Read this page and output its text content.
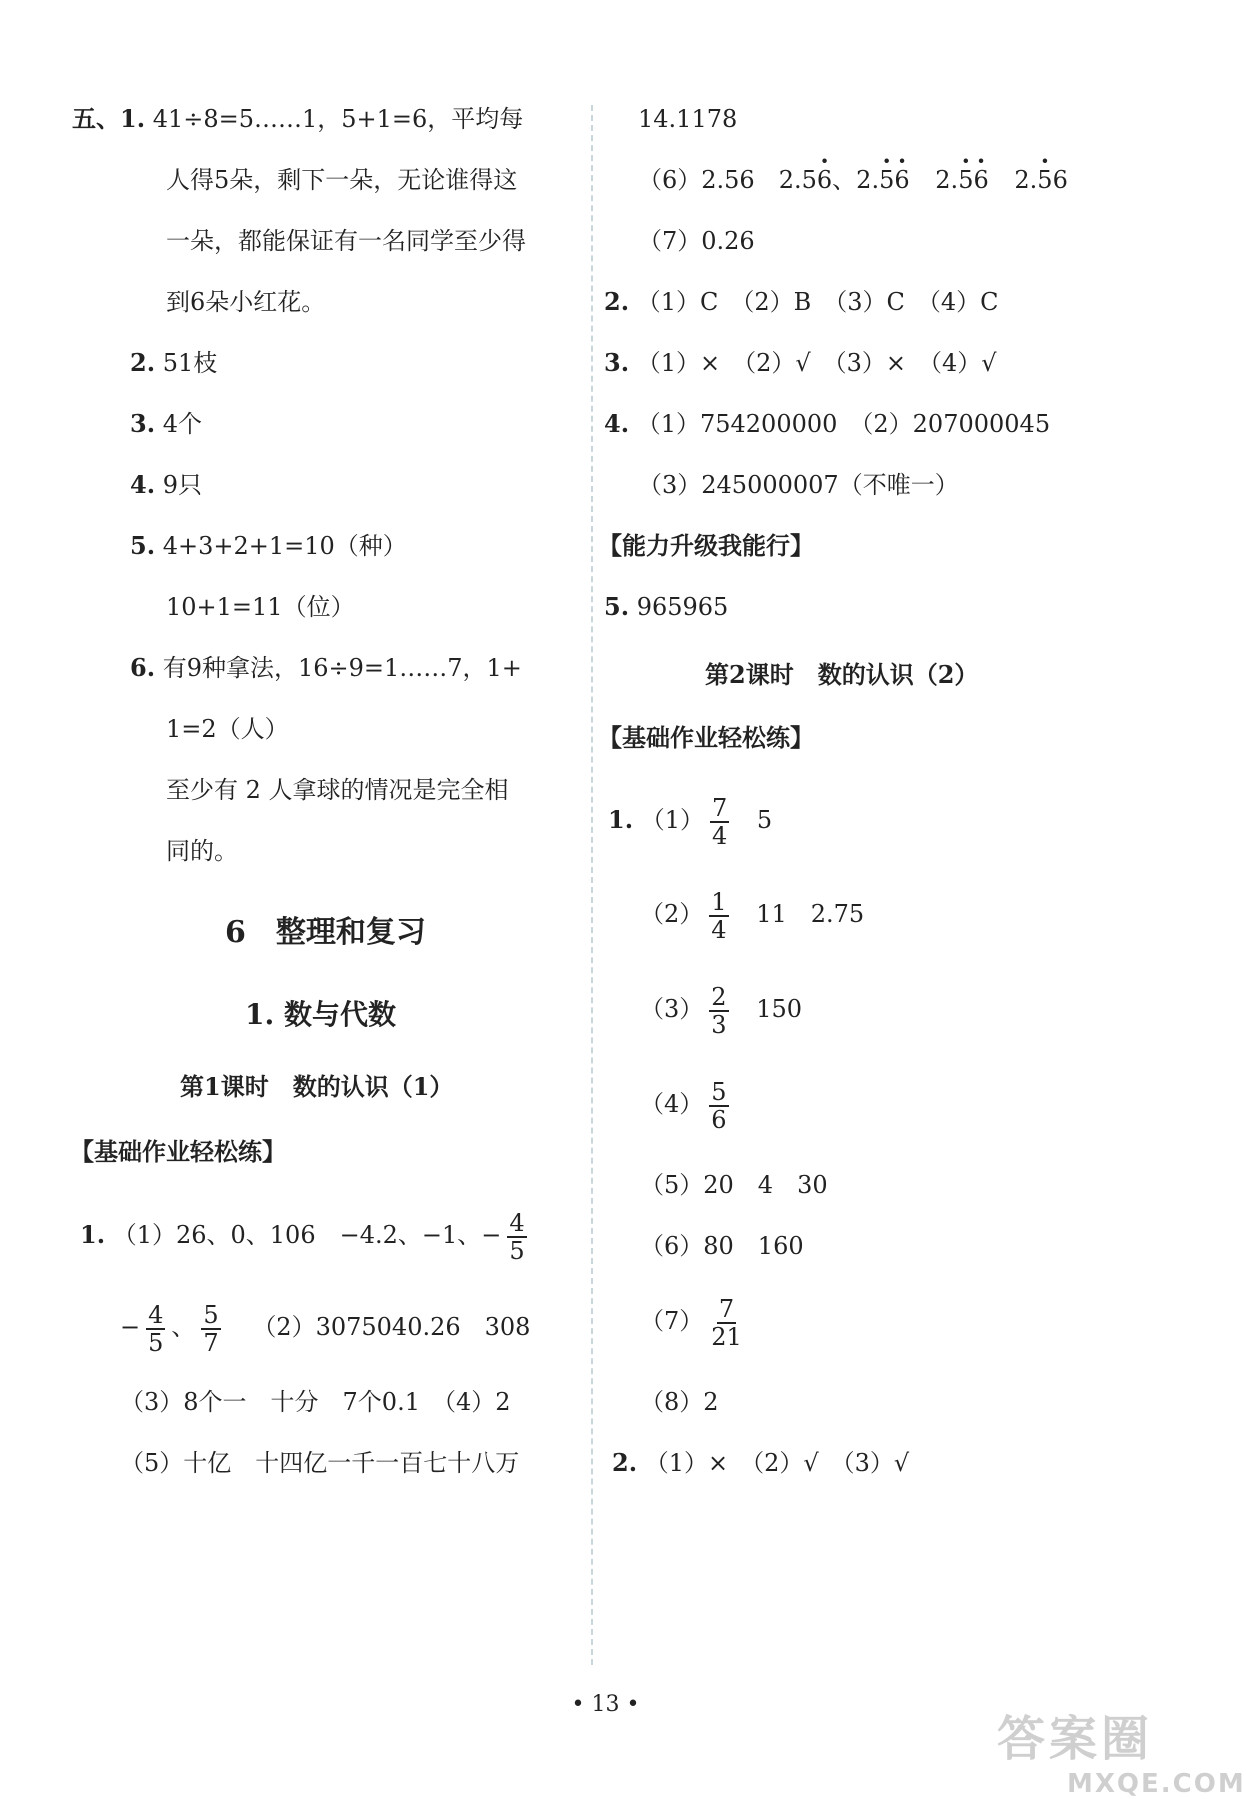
五、1. 41÷8=5……1，5+1=6，平均每
人得5朵，剩下一朵，无论谁得这
一朵，都能保证有一名同学至少得
到6朵小红花。
2. 51枝
3. 4个
4. 9只
5. 4+3+2+1=10（种）
10+1=11（位）
6. 有9种拿法，16÷9=1……7，1+
1=2（人）
至少有 2 人拿球的情况是完全相
同的。
6　整理和复习
1. 数与代数
第1课时　数的认识（1）
【基础作业轻松练】
1. （1）26、0、106　−4.2、−1、− $\frac{4}{5}$
− $\frac{4}{5}$ 、 $\frac{5}{7} (2)3075040.26$　308
（3）8个一　十分　7个0.1　（4）2
（5）十亿　十四亿一千一百七十八万
14.1178
（6）2.56　2.5· 6、2.· 5· 6 2.· 5· 6 2.· 56
（7）0.26
2. （1）C　（2）B　（3）C　（4）C
3. （1）×　（2）√　（3）×　（4）√
4. （1）754200000　（2）207000045
（3）245000007（不唯一）
【能力升级我能行】
5. 965965
第2课时　数的认识（2）
【基础作业轻松练】
1. $(1) \frac{7}{4} 5$
$(2) \frac{1}{4} 11$　2.75
$(3) \frac{2}{3} 150$
$(4) \frac{5}{6}$
（5）20　4　30
（6）80　160
$(7) \frac{7}{21}$
（8）2
2. （1）×　（2）√　（3）√
• 13 •
答案圈
MXQE.COM
